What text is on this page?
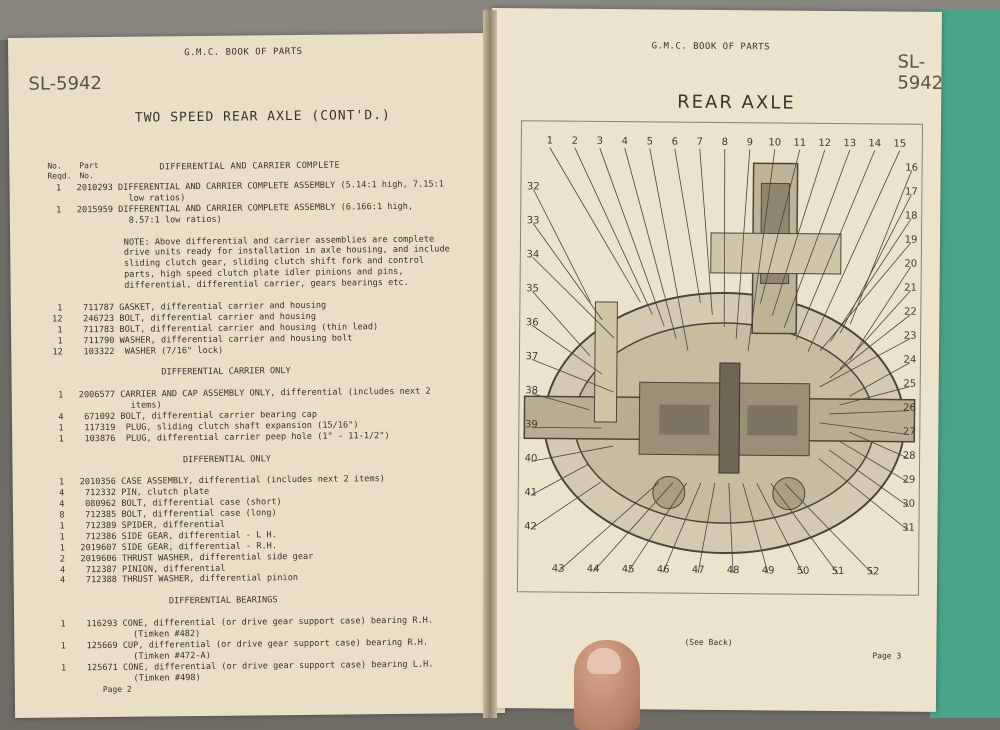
G.M.C. BOOK OF PARTS
SL-5942
TWO SPEED REAR AXLE (CONT'D.)
No.
Reqd.
Part
No.
DIFFERENTIAL AND CARRIER COMPLETE
1   2010293 DIFFERENTIAL AND CARRIER COMPLETE ASSEMBLY (5.14:1 high, 7.15:1
low ratios)
1   2015959 DIFFERENTIAL AND CARRIER COMPLETE ASSEMBLY (6.166:1 high,
8.57:1 low ratios)
NOTE: Above differential and carrier assemblies are complete
drive units ready for installation in axle housing, and include
sliding clutch gear, sliding clutch shift fork and control
parts, high speed clutch plate idler pinions and pins,
differential, differential carrier, gears bearings etc.
1    711787 GASKET, differential carrier and housing
12    246723 BOLT, differential carrier and housing
1    711783 BOLT, differential carrier and housing (thin lead)
1    711790 WASHER, differential carrier and housing bolt
12    103322  WASHER (7/16" lock)
DIFFERENTIAL CARRIER ONLY
1   2006577 CARRIER AND CAP ASSEMBLY ONLY, differential (includes next 2
items)
4    671092 BOLT, differential carrier bearing cap
1    117319  PLUG, sliding clutch shaft expansion (15/16")
1    103876  PLUG, differential carrier peep hole (1" - 11-1/2")
DIFFERENTIAL ONLY
1   2010356 CASE ASSEMBLY, differential (includes next 2 items)
4    712332 PIN, clutch plate
4    080962 BOLT, differential case (short)
8    712385 BOLT, differential case (long)
1    712389 SPIDER, differential
1    712386 SIDE GEAR, differential - L H.
1   2019607 SIDE GEAR, differential - R.H.
2   2019606 THRUST WASHER, differential side gear
4    712387 PINION, differential
4    712388 THRUST WASHER, differential pinion
DIFFERENTIAL BEARINGS
1    116293 CONE, differential (or drive gear support case) bearing R.H.
(Timken #482)
1    125669 CUP, differential (or drive gear support case) bearing R.H.
(Timken #472-A)
1    125671 CONE, differential (or drive gear support case) bearing L.H.
(Timken #498)
Page 2
G.M.C. BOOK OF PARTS
SL-5942
REAR AXLE
1 2 3 4 5 6 7 8 9 10 11 12 13 14 15
16
17
18
19
20
21
22
23
24
25
26
27
28
29
30
31
43 44 45 46 47 48 49 50 51 52
32
33
34
35
36
37
38
39
40
41
42
(See Back)
Page 3
